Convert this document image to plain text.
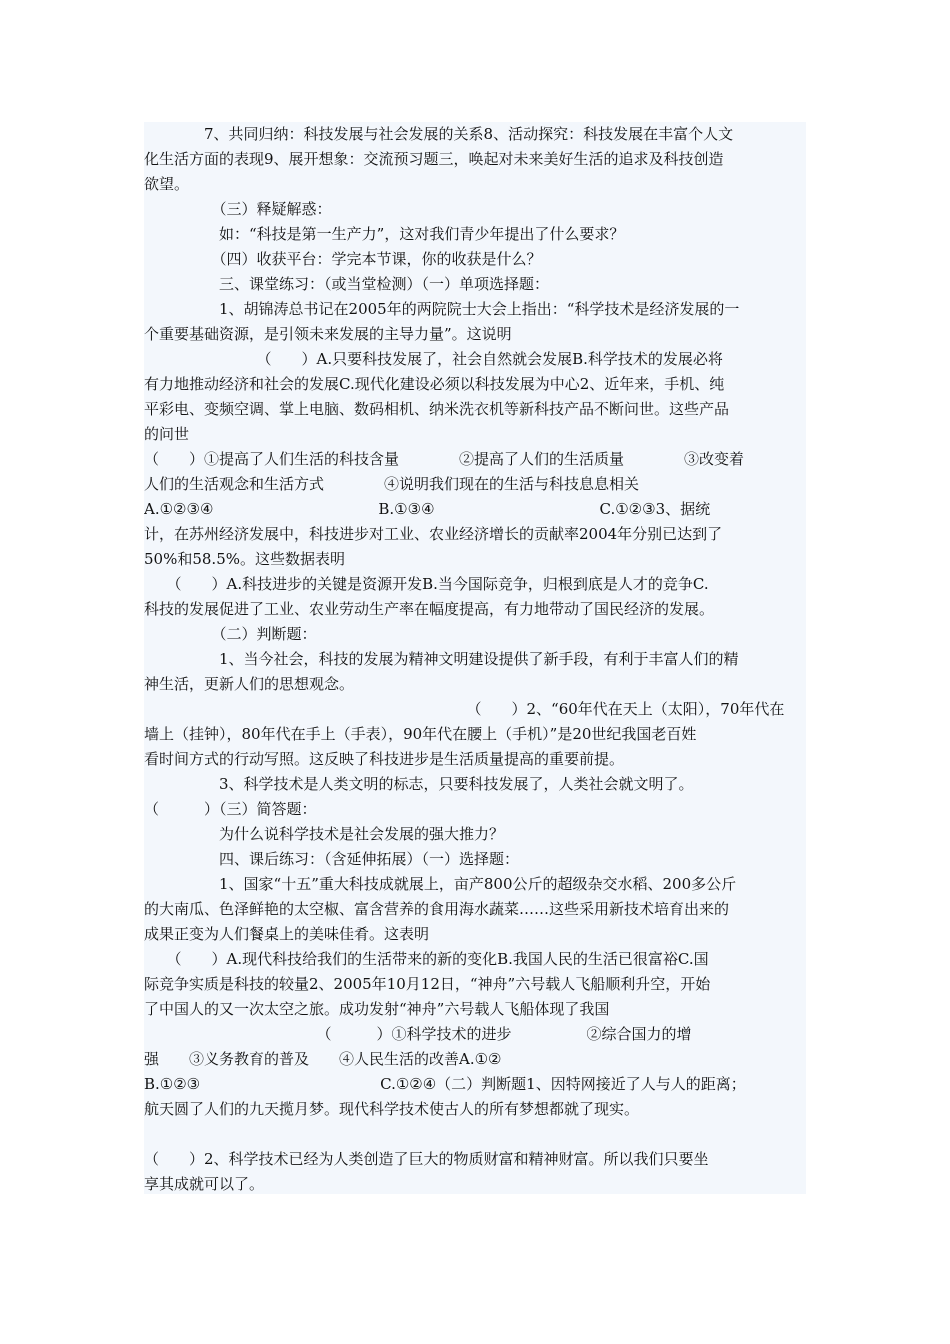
　　　　7、共同归纳：科技发展与社会发展的关系8、活动探究：科技发展在丰富个人文
化生活方面的表现9、展开想象：交流预习题三，唤起对未来美好生活的追求及科技创造
欲望。
　　　　　（三）释疑解惑：
　　　　　如：“科技是第一生产力”，这对我们青少年提出了什么要求？
　　　　　（四）收获平台：学完本节课，你的收获是什么？
　　　　　三、课堂练习：（或当堂检测）（一）单项选择题：
　　　　　1、胡锦涛总书记在2005年的两院院士大会上指出：“科学技术是经济发展的一
个重要基础资源，是引领未来发展的主导力量”。这说明
　　　　　　　　（　　）A.只要科技发展了，社会自然就会发展B.科学技术的发展必将
有力地推动经济和社会的发展C.现代化建设必须以科技发展为中心2、近年来，手机、纯
平彩电、变频空调、掌上电脑、数码相机、纳米洗衣机等新科技产品不断问世。这些产品
的问世
（　　）①提高了人们生活的科技含量　　　　②提高了人们的生活质量　　　　③改变着
人们的生活观念和生活方式　　　　④说明我们现在的生活与科技息息相关
A.①②③④　　　　　　　　　　　B.①③④　　　　　　　　　　　C.①②③3、据统
计，在苏州经济发展中，科技进步对工业、农业经济增长的贡献率2004年分别已达到了
50%和58.5%。这些数据表明
　　（　　）A.科技进步的关键是资源开发B.当今国际竞争，归根到底是人才的竞争C.
科技的发展促进了工业、农业劳动生产率在幅度提高，有力地带动了国民经济的发展。
　　　　　（二）判断题：
　　　　　1、当今社会，科技的发展为精神文明建设提供了新手段，有利于丰富人们的精
神生活，更新人们的思想观念。
　　　　　　　　　　　　　　　　　　　　　　（　　）2、“60年代在天上（太阳），70年代在
墙上（挂钟），80年代在手上（手表），90年代在腰上（手机）”是20世纪我国老百姓
看时间方式的行动写照。这反映了科技进步是生活质量提高的重要前提。
　　　　　3、科学技术是人类文明的标志，只要科技发展了，人类社会就文明了。
（　　　）（三）简答题：
　　　　　为什么说科学技术是社会发展的强大推力？
　　　　　四、课后练习：（含延伸拓展）（一）选择题：
　　　　　1、国家“十五”重大科技成就展上，亩产800公斤的超级杂交水稻、200多公斤
的大南瓜、色泽鲜艳的太空椒、富含营养的食用海水蔬菜……这些采用新技术培育出来的
成果正变为人们餐桌上的美味佳肴。这表明
　　（　　）A.现代科技给我们的生活带来的新的变化B.我国人民的生活已很富裕C.国
际竞争实质是科技的较量2、2005年10月12日，“神舟”六号载人飞船顺利升空，开始
了中国人的又一次太空之旅。成功发射“神舟”六号载人飞船体现了我国
　　　　　　　　　　　　（　　　）①科学技术的进步　　　　　②综合国力的增
强　　③义务教育的普及　　④人民生活的改善A.①②
B.①②③　　　　　　　　　　　　C.①②④（二）判断题1、因特网接近了人与人的距离；
航天圆了人们的九天揽月梦。现代科学技术使古人的所有梦想都就了现实。
（　　）2、科学技术已经为人类创造了巨大的物质财富和精神财富。所以我们只要坐
享其成就可以了。
